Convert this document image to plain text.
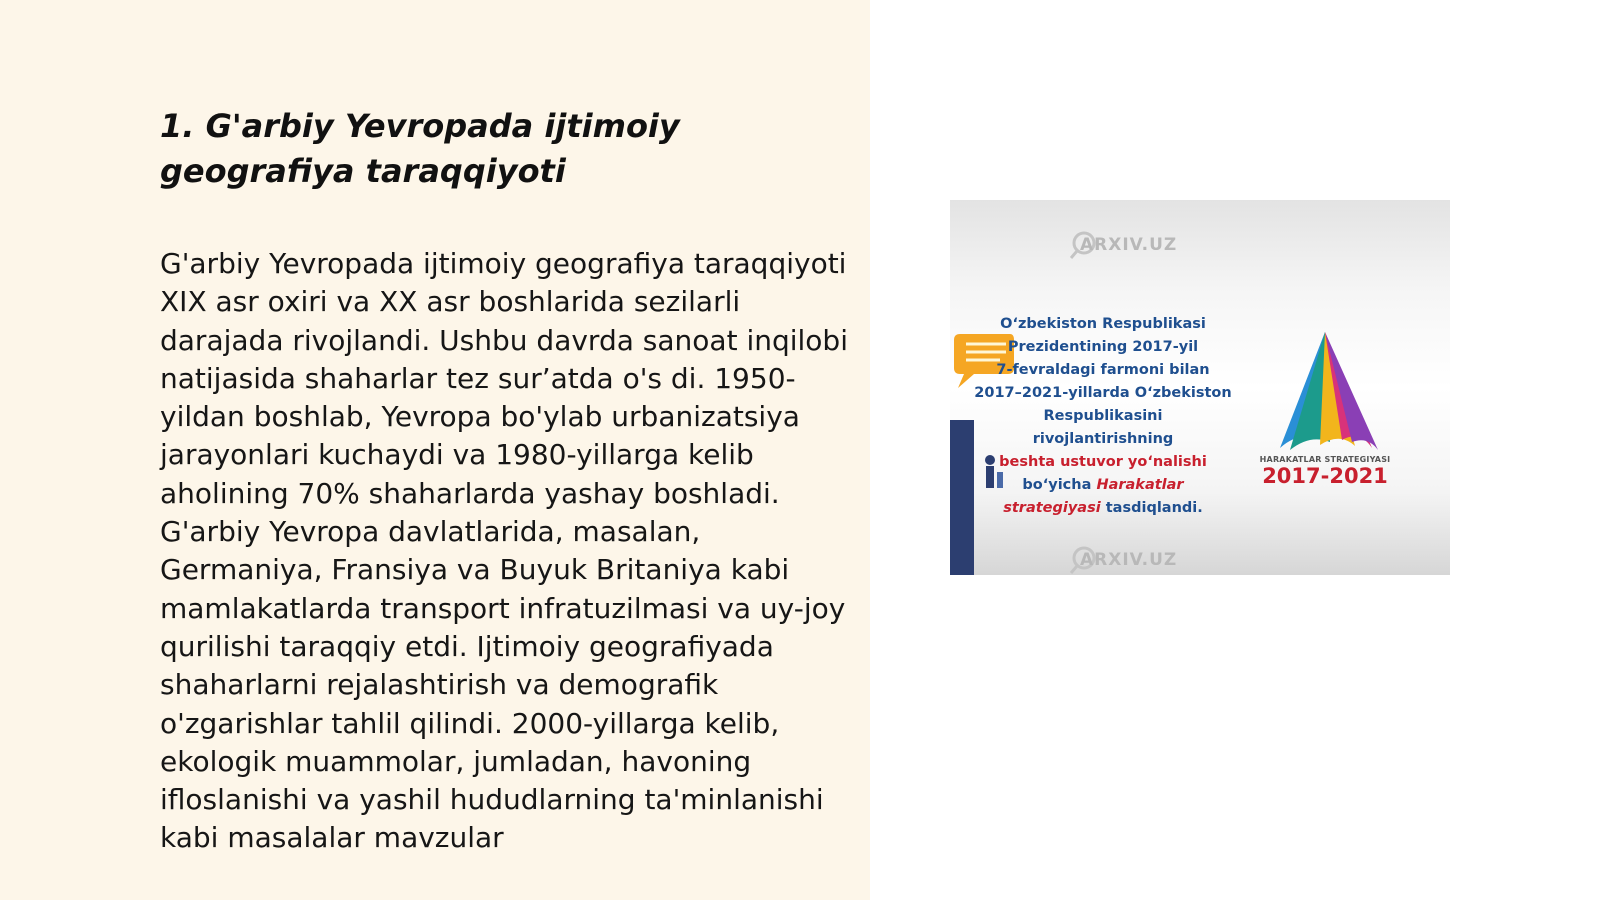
1. G'arbiy Yevropada ijtimoiy geografiya taraqqiyoti

G'arbiy Yevropada ijtimoiy geografiya taraqqiyoti XIX asr oxiri va XX asr boshlarida sezilarli darajada rivojlandi. Ushbu davrda sanoat inqilobi natijasida shaharlar tez sur’atda o's di. 1950-yildan boshlab, Yevropa bo'ylab urbanizatsiya jarayonlari kuchaydi va 1980-yillarga kelib aholining 70% shaharlarda yashay boshladi. G'arbiy Yevropa davlatlarida, masalan, Germaniya, Fransiya va Buyuk Britaniya kabi mamlakatlarda transport infratuzilmasi va uy-joy qurilishi taraqqiy etdi. Ijtimoiy geografiyada shaharlarni rejalashtirish va demografik o'zgarishlar tahlil qilindi. 2000-yillarga kelib, ekologik muammolar, jumladan, havoning ifloslanishi va yashil hududlarning ta'minlanishi kabi masalalar mavzular

ARXIV.UZ
O‘zbekiston Respublikasi
Prezidentining 2017-yil
7-fevraldagi farmoni bilan
2017–2021-yillarda O‘zbekiston
Respublikasini
rivojlantirishning
beshta ustuvor yo‘nalishi
bo‘yicha Harakatlar
strategiyasi tasdiqlandi.
HARAKATLAR STRATEGIYASI
2017-2021
ARXIV.UZ
